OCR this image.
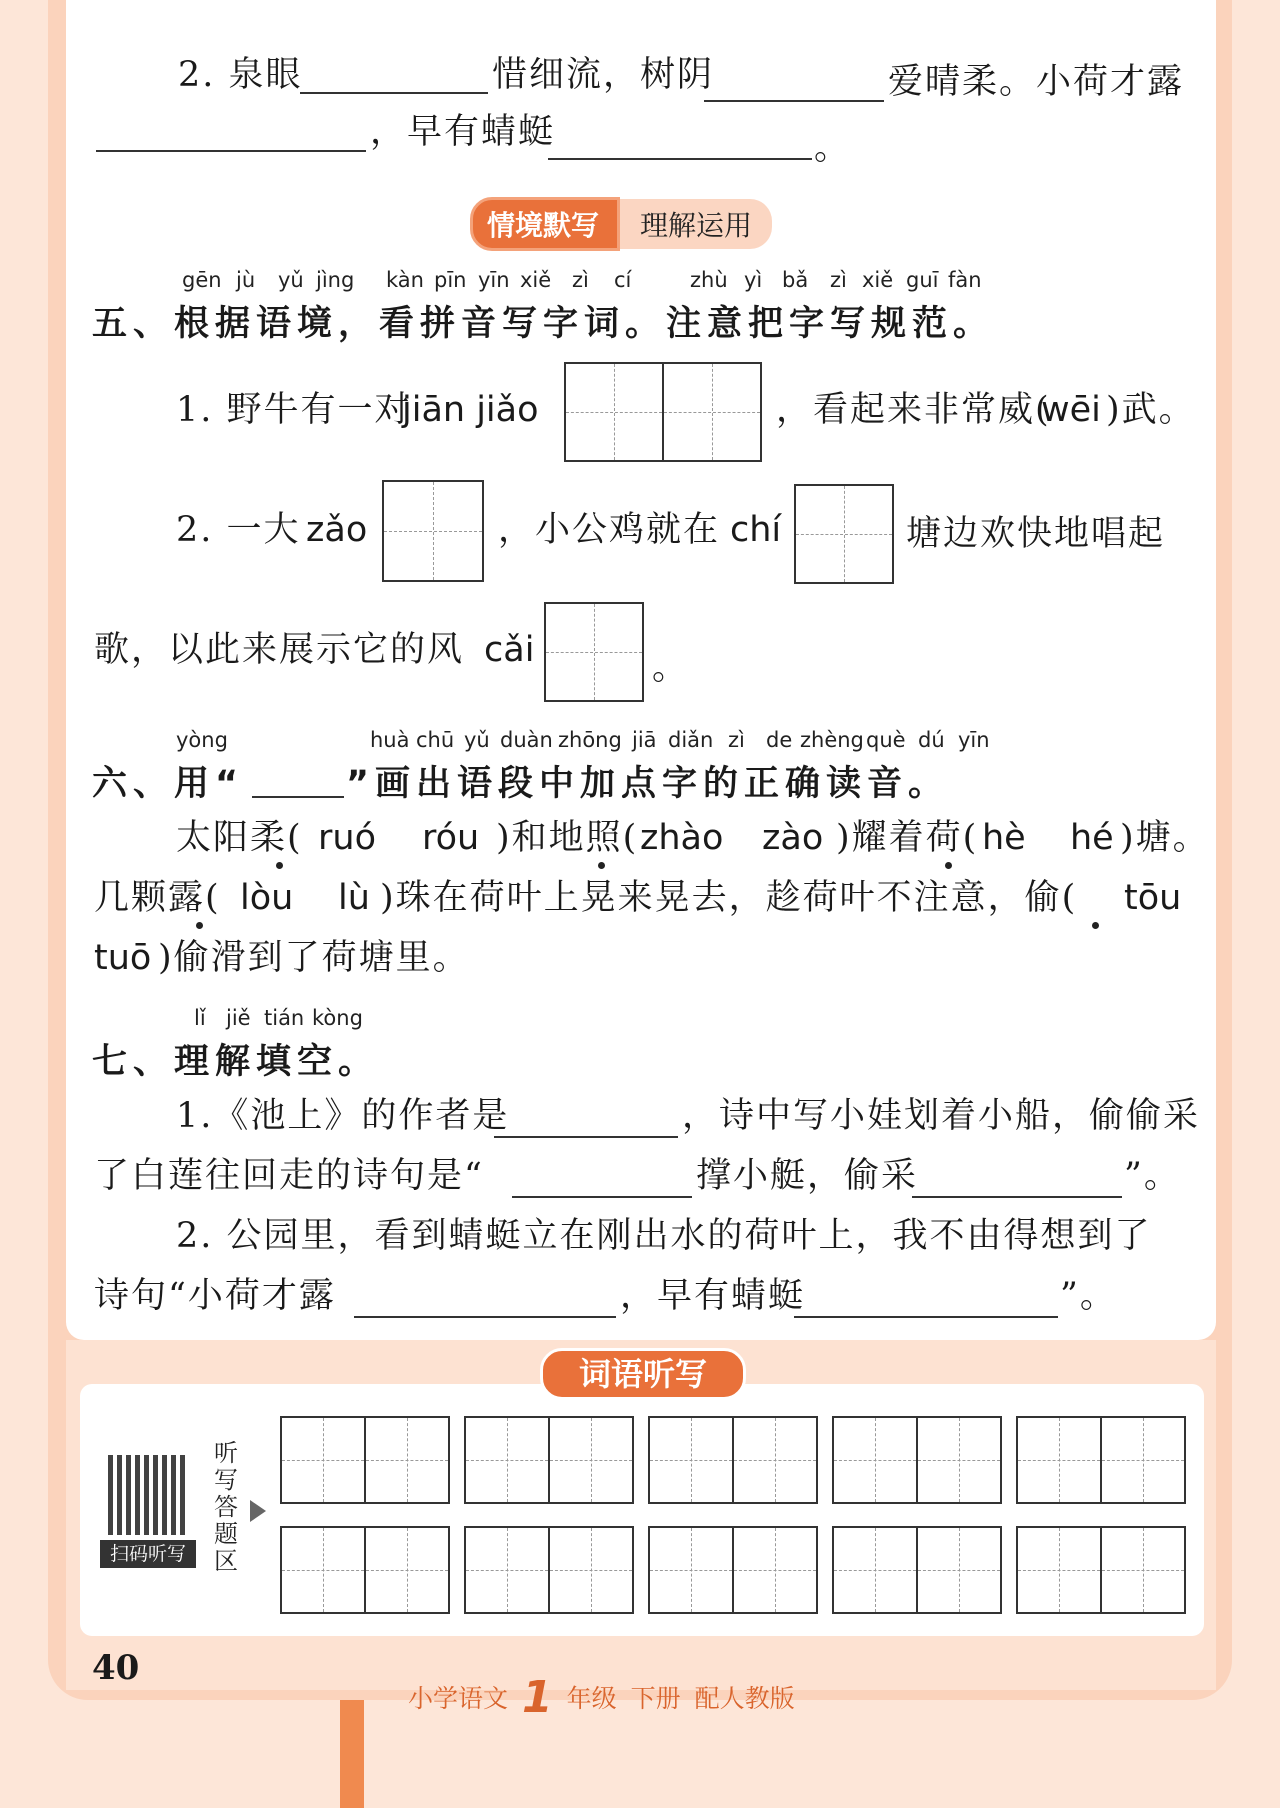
2. 泉眼	惜细流，树阴	爱晴柔。小荷才露
，早有蜻蜓	。
情境默写	理解运用
gēn jù yǔ jìng kàn pīn yīn xiě zì cí	zhù yì bǎ zì xiě guī fàn
五、根据语境，看拼音写字词。注意把字写规范。
1. 野牛有一对
jiān jiǎo	，看起来非常威(
wēi )武。
2. 一大 zǎo	，小公鸡就在 chí	塘边欢快地唱起
歌，以此来展示它的风 cǎi	。
yòng	huà chū yǔ duàn zhōng jiā diǎn zì de zhèng què dú yīn
六、用“	”画出语段中加点字的正确读音。
太阳柔( ruó róu )和地照( zhào zào )耀着荷( hè hé )塘。
几颗露( lòu lù )珠在荷叶上晃来晃去，趁荷叶不注意，偷( tōu
tuō )偷滑到了荷塘里。
lǐ jiě tián kòng
七、理解填空。
1.《池上》的作者是	，诗中写小娃划着小船，偷偷采
了白莲往回走的诗句是“	撑小艇，偷采	”。
2. 公园里，看到蜻蜓立在刚出水的荷叶上，我不由得想到了
诗句“小荷才露	，早有蜻蜓	”。
词语听写
扫码听写
听写答题区
40
小学语文 1 年级 下册 配人教版
